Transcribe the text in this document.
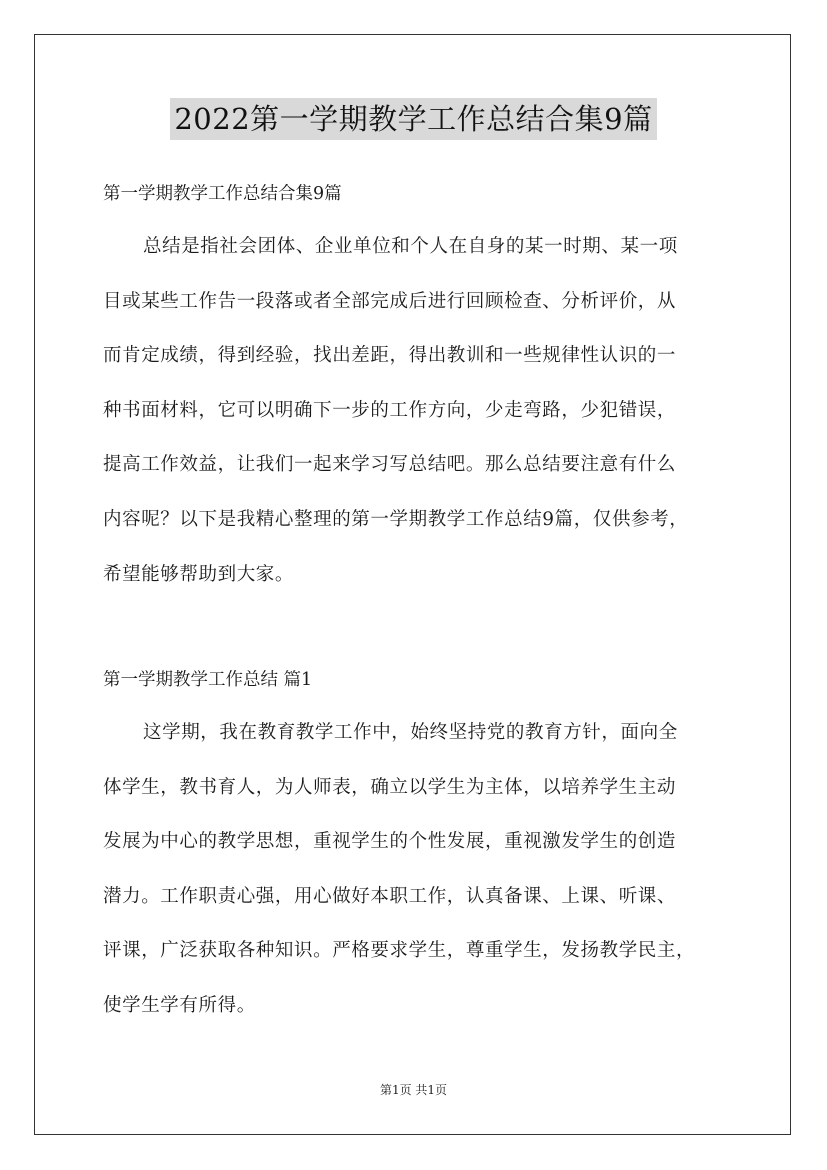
2022第一学期教学工作总结合集9篇
第一学期教学工作总结合集9篇
总结是指社会团体、企业单位和个人在自身的某一时期、某一项
目或某些工作告一段落或者全部完成后进行回顾检查、分析评价，从
而肯定成绩，得到经验，找出差距，得出教训和一些规律性认识的一
种书面材料，它可以明确下一步的工作方向，少走弯路，少犯错误，
提高工作效益，让我们一起来学习写总结吧。那么总结要注意有什么
内容呢？以下是我精心整理的第一学期教学工作总结9篇，仅供参考，
希望能够帮助到大家。
第一学期教学工作总结 篇1
这学期，我在教育教学工作中，始终坚持党的教育方针，面向全
体学生，教书育人，为人师表，确立以学生为主体，以培养学生主动
发展为中心的教学思想，重视学生的个性发展，重视激发学生的创造
潜力。工作职责心强，用心做好本职工作，认真备课、上课、听课、
评课，广泛获取各种知识。严格要求学生，尊重学生，发扬教学民主，
使学生学有所得。
第1页 共1页
